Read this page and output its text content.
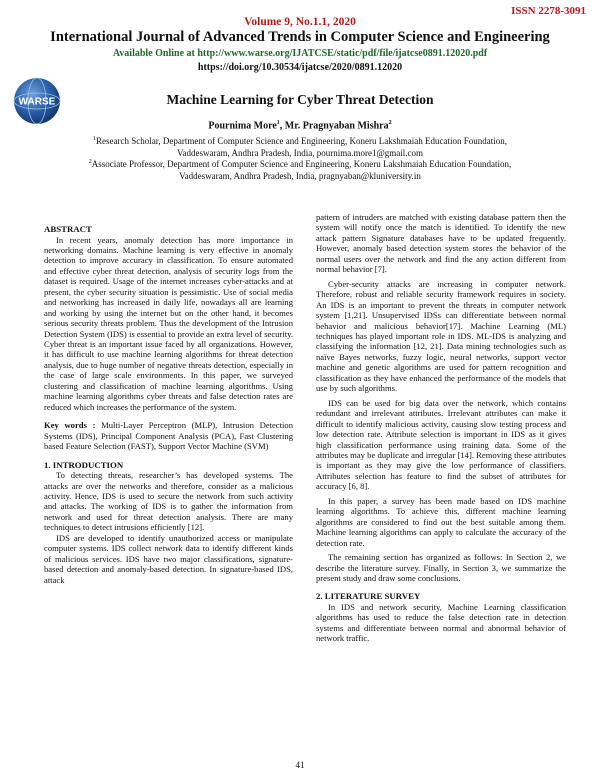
ISSN 2278-3091
Volume 9, No.1.1, 2020
International Journal of Advanced Trends in Computer Science and Engineering
Available Online at http://www.warse.org/IJATCSE/static/pdf/file/ijatcse0891.12020.pdf
https://doi.org/10.30534/ijatcse/2020/0891.12020
WARSE	Machine Learning for Cyber Threat Detection
Pournima More$^1$, Mr. Pragnyaban Mishra$^2$
$^1$Research Scholar, Department of Computer Science and Engineering, Koneru Lakshmaiah Education Foundation, Vaddeswaram, Andhra Pradesh, India, pournima.more1@gmail.com
$^2$Associate Professor, Department of Computer Science and Engineering, Koneru Lakshmaiah Education Foundation, Vaddeswaram, Andhra Pradesh, India, pragnyaban@kluniversity.in
ABSTRACT

In recent years, anomaly detection has more importance in networking domains. Machine learning is very effective in anomaly detection to improve accuracy in classification. To ensure automated and effective cyber threat detection, analysis of security logs from the dataset is required. Usage of the internet increases cyber-attacks and at present, the cyber security situation is pessimistic. Use of social media and networking has increased in daily life, nowadays all are learning and working by using the internet but on the other hand, it becomes serious security threats problem. Thus the development of the Intrusion Detection System (IDS) is essential to provide an extra level of security. Cyber threat is an important issue faced by all organizations. However, it has difficult to use machine learning algorithms for threat detection analysis, due to huge number of negative threats detection, especially in the case of large scale environments. In this paper, we surveyed clustering and classification of machine learning algorithms. Using machine learning algorithms cyber threats and false detection rates are reduced which increases the performance of the system.

Key words : Multi-Layer Perceptron (MLP), Intrusion Detection Systems (IDS), Principal Component Analysis (PCA), Fast Clustering based Feature Selection (FAST), Support Vector Machine (SVM)

1. INTRODUCTION

To detecting threats, researcher’s has developed systems. The attacks are over the networks and therefore, consider as a malicious activity. Hence, IDS is used to secure the network from such activity and attacks. The working of IDS is to gather the information from network and used for threat detection analysis. There are many techniques to detect intrusions efficiently [12].

IDS are developed to identify unauthorized access or manipulate computer systems. IDS collect network data to identify different kinds of malicious services. IDS have two major classifications, signature-based detection and anomaly-based detection. In signature-based IDS, attack

pattern of intruders are matched with existing database pattern then the system will notify once the match is identified. To identify the new attack pattern Signature databases have to be updated frequently. However, anomaly based detection system stores the behavior of the normal users over the network and find the any action different from normal behavior [7].

Cyber-security attacks are increasing in computer network. Therefore, robust and reliable security framework requires in society. An IDS is an important to prevent the threats in computer network system [1,21]. Unsupervised IDSs can differentiate between normal behavior and malicious behavior[17]. Machine Learning (ML) techniques has played important role in IDS. ML-IDS is analyzing and classifying the information [12, 21]. Data mining technologies such as naïve Bayes networks, fuzzy logic, neural networks, support vector machine and genetic algorithms are used for pattern recognition and classification as they have enhanced the performance of the models that use by such algorithms.

IDS can be used for big data over the network, which contains redundant and irrelevant attributes. Irrelevant attributes can make it difficult to identify malicious activity, causing slow testing process and low detection rate. Attribute selection is important in IDS as it gives high classification performance using training data. Some of the attributes may be duplicate and irregular [14]. Removing these attributes is important as they may give the low performance of classifiers. Attributes selection has feature to find the subset of attributes for accuracy [6, 8].

In this paper, a survey has been made based on IDS machine learning algorithms. To achieve this, different machine learning algorithms are considered to find out the best suitable among them. Machine learning algorithms can apply to calculate the accuracy of the detection rate.

The remaining section has organized as follows: In Section 2, we describe the literature survey. Finally, in Section 3, we summarize the present study and draw some conclusions.

2. LITERATURE SURVEY

In IDS and network security, Machine Learning classification algorithms has used to reduce the false detection rate in detection systems and differentiate between normal and abnormal behavior of network traffic.

41
